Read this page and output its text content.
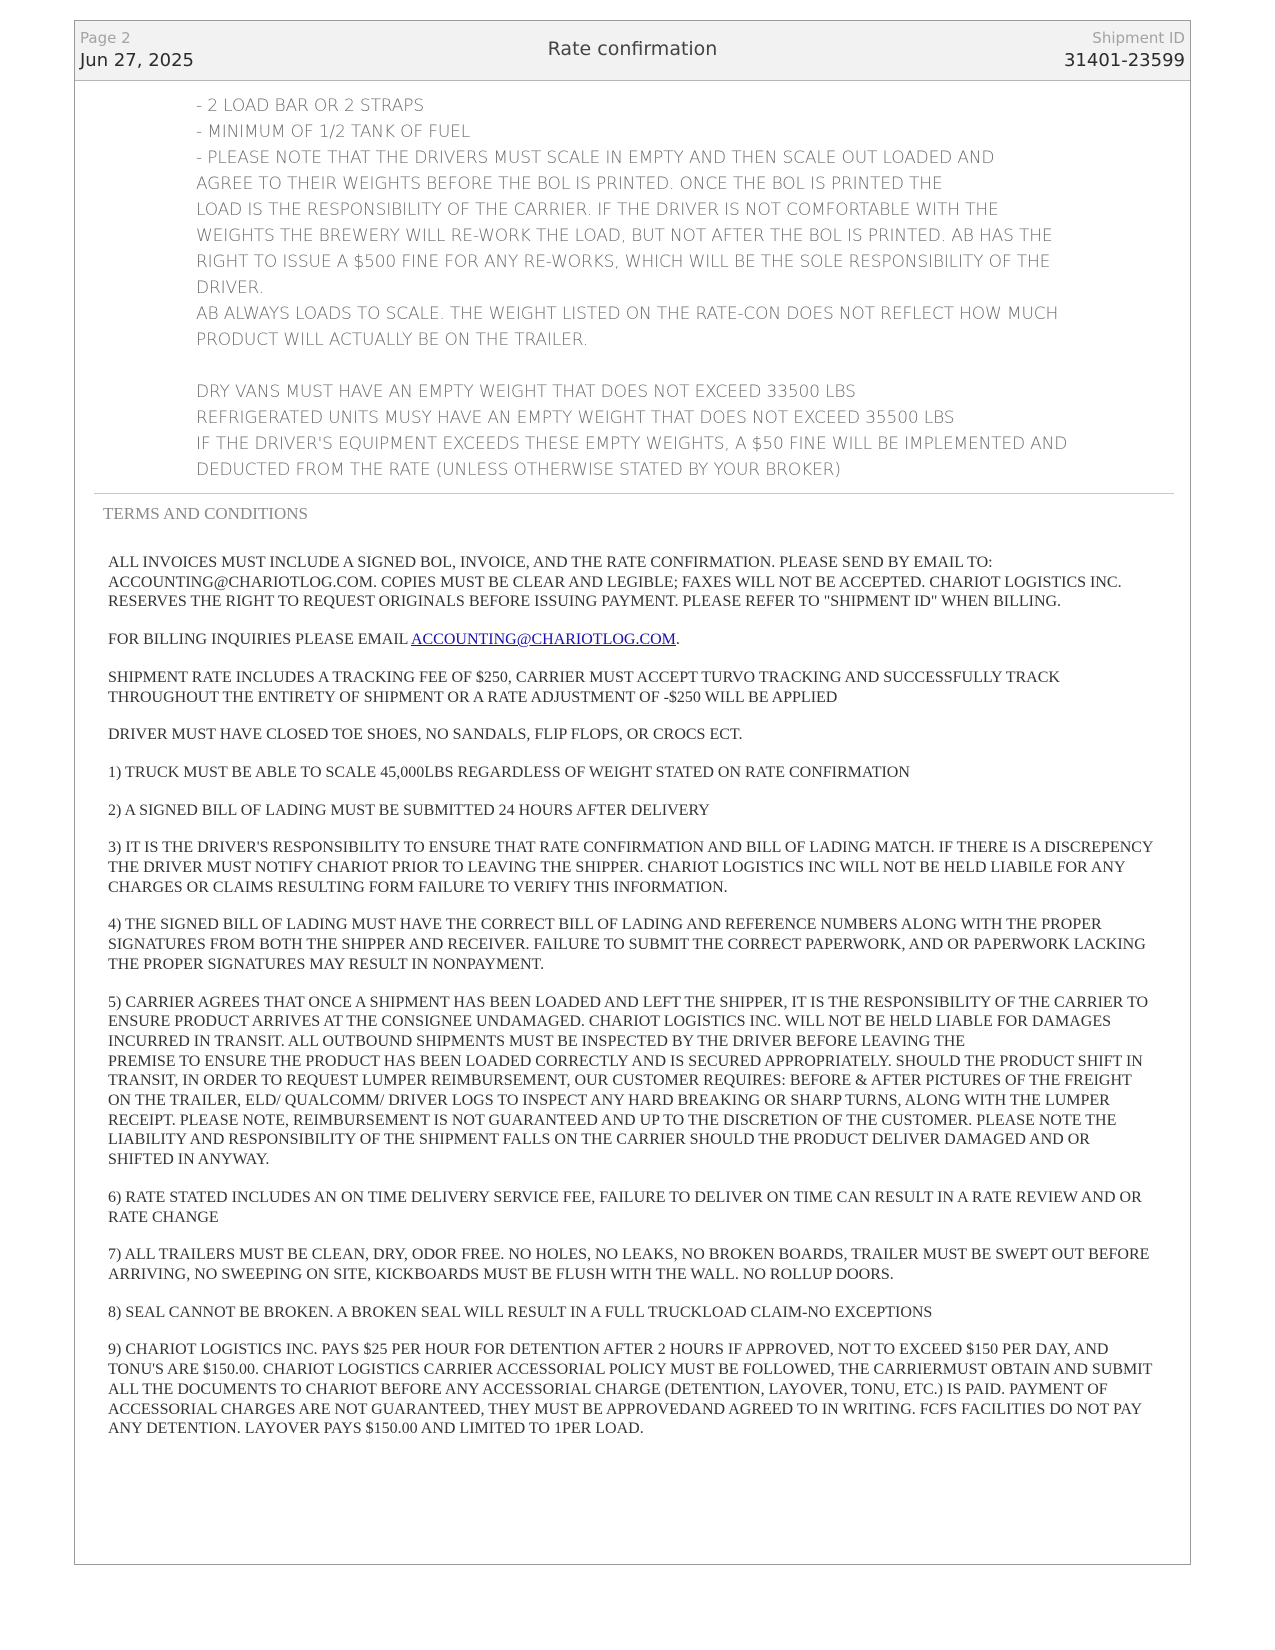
Page 2
Jun 27, 2025
Rate confirmation	Shipment ID
31401-23599

- 2 LOAD BAR OR 2 STRAPS

- MINIMUM OF 1/2 TANK OF FUEL

- PLEASE NOTE THAT THE DRIVERS MUST SCALE IN EMPTY AND THEN SCALE OUT LOADED AND

AGREE TO THEIR WEIGHTS BEFORE THE BOL IS PRINTED. ONCE THE BOL IS PRINTED THE

LOAD IS THE RESPONSIBILITY OF THE CARRIER. IF THE DRIVER IS NOT COMFORTABLE WITH THE

WEIGHTS THE BREWERY WILL RE-WORK THE LOAD, BUT NOT AFTER THE BOL IS PRINTED. AB HAS THE

RIGHT TO ISSUE A $500 FINE FOR ANY RE-WORKS, WHICH WILL BE THE SOLE RESPONSIBILITY OF THE

DRIVER.

AB ALWAYS LOADS TO SCALE. THE WEIGHT LISTED ON THE RATE-CON DOES NOT REFLECT HOW MUCH

PRODUCT WILL ACTUALLY BE ON THE TRAILER.

DRY VANS MUST HAVE AN EMPTY WEIGHT THAT DOES NOT EXCEED 33500 LBS

REFRIGERATED UNITS MUSY HAVE AN EMPTY WEIGHT THAT DOES NOT EXCEED 35500 LBS

IF THE DRIVER'S EQUIPMENT EXCEEDS THESE EMPTY WEIGHTS, A $50 FINE WILL BE IMPLEMENTED AND

DEDUCTED FROM THE RATE (UNLESS OTHERWISE STATED BY YOUR BROKER)

TERMS AND CONDITIONS

ALL INVOICES MUST INCLUDE A SIGNED BOL, INVOICE, AND THE RATE CONFIRMATION. PLEASE SEND BY EMAIL TO: ACCOUNTING@CHARIOTLOG.COM. COPIES MUST BE CLEAR AND LEGIBLE; FAXES WILL NOT BE ACCEPTED. CHARIOT LOGISTICS INC. RESERVES THE RIGHT TO REQUEST ORIGINALS BEFORE ISSUING PAYMENT. PLEASE REFER TO "SHIPMENT ID" WHEN BILLING.

FOR BILLING INQUIRIES PLEASE EMAIL ACCOUNTING@CHARIOTLOG.COM.

SHIPMENT RATE INCLUDES A TRACKING FEE OF $250, CARRIER MUST ACCEPT TURVO TRACKING AND SUCCESSFULLY TRACK THROUGHOUT THE ENTIRETY OF SHIPMENT OR A RATE ADJUSTMENT OF -$250 WILL BE APPLIED

DRIVER MUST HAVE CLOSED TOE SHOES, NO SANDALS, FLIP FLOPS, OR CROCS ECT.

1) TRUCK MUST BE ABLE TO SCALE 45,000LBS REGARDLESS OF WEIGHT STATED ON RATE CONFIRMATION

2) A SIGNED BILL OF LADING MUST BE SUBMITTED 24 HOURS AFTER DELIVERY

3) IT IS THE DRIVER'S RESPONSIBILITY TO ENSURE THAT RATE CONFIRMATION AND BILL OF LADING MATCH. IF THERE IS A DISCREPENCY THE DRIVER MUST NOTIFY CHARIOT PRIOR TO LEAVING THE SHIPPER. CHARIOT LOGISTICS INC WILL NOT BE HELD LIABILE FOR ANY CHARGES OR CLAIMS RESULTING FORM FAILURE TO VERIFY THIS INFORMATION.

4) THE SIGNED BILL OF LADING MUST HAVE THE CORRECT BILL OF LADING AND REFERENCE NUMBERS ALONG WITH THE PROPER SIGNATURES FROM BOTH THE SHIPPER AND RECEIVER. FAILURE TO SUBMIT THE CORRECT PAPERWORK, AND OR PAPERWORK LACKING THE PROPER SIGNATURES MAY RESULT IN NONPAYMENT.

5) CARRIER AGREES THAT ONCE A SHIPMENT HAS BEEN LOADED AND LEFT THE SHIPPER, IT IS THE RESPONSIBILITY OF THE CARRIER TO ENSURE PRODUCT ARRIVES AT THE CONSIGNEE UNDAMAGED. CHARIOT LOGISTICS INC. WILL NOT BE HELD LIABLE FOR DAMAGES INCURRED IN TRANSIT. ALL OUTBOUND SHIPMENTS MUST BE INSPECTED BY THE DRIVER BEFORE LEAVING THE
PREMISE TO ENSURE THE PRODUCT HAS BEEN LOADED CORRECTLY AND IS SECURED APPROPRIATELY. SHOULD THE PRODUCT SHIFT IN TRANSIT, IN ORDER TO REQUEST LUMPER REIMBURSEMENT, OUR CUSTOMER REQUIRES: BEFORE & AFTER PICTURES OF THE FREIGHT ON THE TRAILER, ELD/ QUALCOMM/ DRIVER LOGS TO INSPECT ANY HARD BREAKING OR SHARP TURNS, ALONG WITH THE LUMPER RECEIPT. PLEASE NOTE, REIMBURSEMENT IS NOT GUARANTEED AND UP TO THE DISCRETION OF THE CUSTOMER. PLEASE NOTE THE LIABILITY AND RESPONSIBILITY OF THE SHIPMENT FALLS ON THE CARRIER SHOULD THE PRODUCT DELIVER DAMAGED AND OR SHIFTED IN ANYWAY.

6) RATE STATED INCLUDES AN ON TIME DELIVERY SERVICE FEE, FAILURE TO DELIVER ON TIME CAN RESULT IN A RATE REVIEW AND OR RATE CHANGE

7) ALL TRAILERS MUST BE CLEAN, DRY, ODOR FREE. NO HOLES, NO LEAKS, NO BROKEN BOARDS, TRAILER MUST BE SWEPT OUT BEFORE ARRIVING, NO SWEEPING ON SITE, KICKBOARDS MUST BE FLUSH WITH THE WALL. NO ROLLUP DOORS.

8) SEAL CANNOT BE BROKEN. A BROKEN SEAL WILL RESULT IN A FULL TRUCKLOAD CLAIM-NO EXCEPTIONS

9) CHARIOT LOGISTICS INC. PAYS $25 PER HOUR FOR DETENTION AFTER 2 HOURS IF APPROVED, NOT TO EXCEED $150 PER DAY, AND TONU'S ARE $150.00. CHARIOT LOGISTICS CARRIER ACCESSORIAL POLICY MUST BE FOLLOWED, THE CARRIERMUST OBTAIN AND SUBMIT ALL THE DOCUMENTS TO CHARIOT BEFORE ANY ACCESSORIAL CHARGE (DETENTION, LAYOVER, TONU, ETC.) IS PAID. PAYMENT OF ACCESSORIAL CHARGES ARE NOT GUARANTEED, THEY MUST BE APPROVEDAND AGREED TO IN WRITING. FCFS FACILITIES DO NOT PAY ANY DETENTION. LAYOVER PAYS $150.00 AND LIMITED TO 1PER LOAD.
